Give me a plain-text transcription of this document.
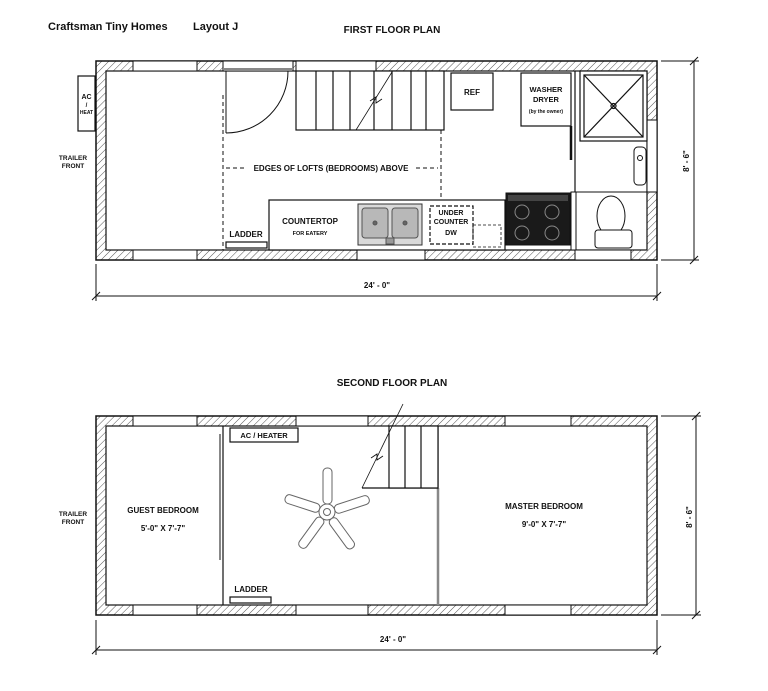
Craftsman Tiny Homes Layout J	FIRST FLOOR PLAN
AC
/
HEAT
TRAILER
FRONT
REF	WASHER
DRYER
(by the owner)
EDGES OF LOFTS (BEDROOMS) ABOVE
COUNTERTOP
FOR EATERY
UNDER
COUNTER
DW
LADDER
24' - 0"
8' - 6"
SECOND FLOOR PLAN
AC / HEATER
TRAILER
FRONT
GUEST BEDROOM
5'-0" X 7'-7"
MASTER BEDROOM
9'-0" X 7'-7"
LADDER
24' - 0"
8' - 6"
